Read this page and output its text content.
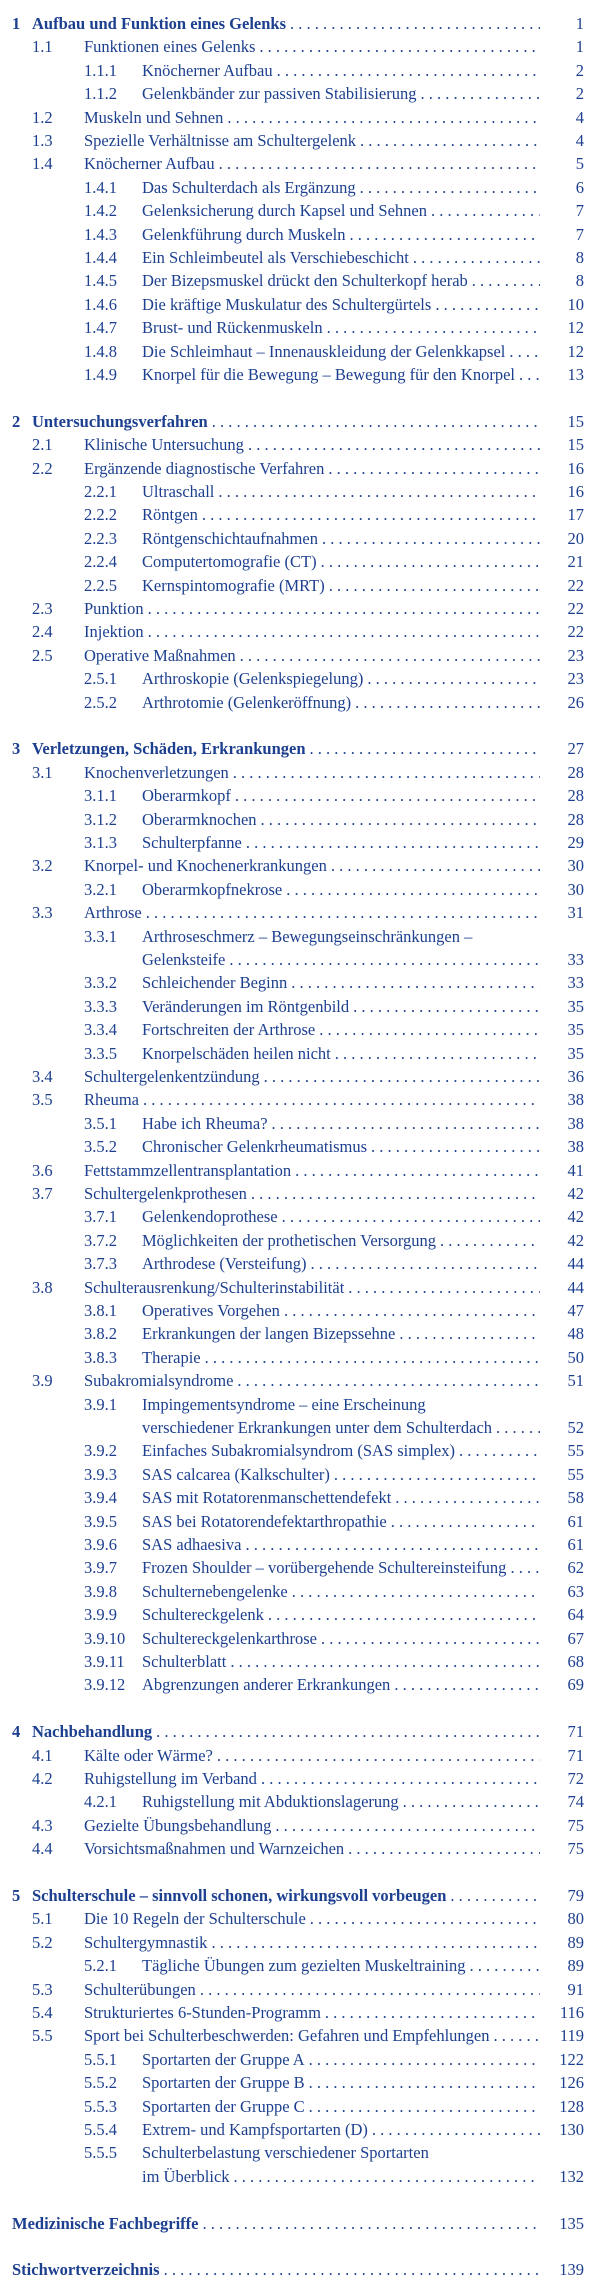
1 Aufbau und Funktion eines Gelenks . . .	1
1.1 Funktionen eines Gelenks . . .	1
1.1.1 Knöcherner Aufbau . . .	2
1.1.2 Gelenkbänder zur passiven Stabilisierung . . .	2
1.2 Muskeln und Sehnen . . .	4
1.3 Spezielle Verhältnisse am Schultergelenk . . .	4
1.4 Knöcherner Aufbau . . .	5
1.4.1 Das Schulterdach als Ergänzung . . .	6
1.4.2 Gelenksicherung durch Kapsel und Sehnen . . .	7
1.4.3 Gelenkführung durch Muskeln . . .	7
1.4.4 Ein Schleimbeutel als Verschiebeschicht . . .	8
1.4.5 Der Bizepsmuskel drückt den Schulterkopf herab . . .	8
1.4.6 Die kräftige Muskulatur des Schultergürtels . . .	10
1.4.7 Brust- und Rückenmuskeln . . .	12
1.4.8 Die Schleimhaut – Innenauskleidung der Gelenkkapsel . . .	12
1.4.9 Knorpel für die Bewegung – Bewegung für den Knorpel . . .	13
2 Untersuchungsverfahren . . .	15
2.1 Klinische Untersuchung . . .	15
2.2 Ergänzende diagnostische Verfahren . . .	16
2.2.1 Ultraschall . . .	16
2.2.2 Röntgen . . .	17
2.2.3 Röntgenschichtaufnahmen . . .	20
2.2.4 Computertomografie (CT) . . .	21
2.2.5 Kernspintomografie (MRT) . . .	22
2.3 Punktion . . .	22
2.4 Injektion . . .	22
2.5 Operative Maßnahmen . . .	23
2.5.1 Arthroskopie (Gelenkspiegelung) . . .	23
2.5.2 Arthrotomie (Gelenkeröffnung) . . .	26
3 Verletzungen, Schäden, Erkrankungen . . .	27
3.1 Knochenverletzungen . . .	28
3.1.1 Oberarmkopf . . .	28
3.1.2 Oberarmknochen . . .	28
3.1.3 Schulterpfanne . . .	29
3.2 Knorpel- und Knochenerkrankungen . . .	30
3.2.1 Oberarmkopfnekrose . . .	30
3.3 Arthrose . . .	31
3.3.1 Arthroseschmerz – Bewegungseinschränkungen –
Gelenksteife . . .	33
3.3.2 Schleichender Beginn . . .	33
3.3.3 Veränderungen im Röntgenbild . . .	35
3.3.4 Fortschreiten der Arthrose . . .	35
3.3.5 Knorpelschäden heilen nicht . . .	35
3.4 Schultergelenkentzündung . . .	36
3.5 Rheuma . . .	38
3.5.1 Habe ich Rheuma? . . .	38
3.5.2 Chronischer Gelenkrheumatismus . . .	38
3.6 Fettstammzellentransplantation . . .	41
3.7 Schultergelenkprothesen . . .	42
3.7.1 Gelenkendoprothese . . .	42
3.7.2 Möglichkeiten der prothetischen Versorgung . . .	42
3.7.3 Arthrodese (Versteifung) . . .	44
3.8 Schulterausrenkung/Schulterinstabilität . . .	44
3.8.1 Operatives Vorgehen . . .	47
3.8.2 Erkrankungen der langen Bizepssehne . . .	48
3.8.3 Therapie . . .	50
3.9 Subakromialsyndrome . . .	51
3.9.1 Impingementsyndrome – eine Erscheinung
verschiedener Erkrankungen unter dem Schulterdach . . .	52
3.9.2 Einfaches Subakromialsyndrom (SAS simplex) . . .	55
3.9.3 SAS calcarea (Kalkschulter) . . .	55
3.9.4 SAS mit Rotatorenmanschettendefekt . . .	58
3.9.5 SAS bei Rotatorendefektarthropathie . . .	61
3.9.6 SAS adhaesiva . . .	61
3.9.7 Frozen Shoulder – vorübergehende Schultereinsteifung . . .	62
3.9.8 Schulternebengelenke . . .	63
3.9.9 Schultereckgelenk . . .	64
3.9.10 Schultereckgelenkarthrose . . .	67
3.9.11 Schulterblatt . . .	68
3.9.12 Abgrenzungen anderer Erkrankungen . . .	69
4 Nachbehandlung . . .	71
4.1 Kälte oder Wärme? . . .	71
4.2 Ruhigstellung im Verband . . .	72
4.2.1 Ruhigstellung mit Abduktionslagerung . . .	74
4.3 Gezielte Übungsbehandlung . . .	75
4.4 Vorsichtsmaßnahmen und Warnzeichen . . .	75
5 Schulterschule – sinnvoll schonen, wirkungsvoll vorbeugen . . .	79
5.1 Die 10 Regeln der Schulterschule . . .	80
5.2 Schultergymnastik . . .	89
5.2.1 Tägliche Übungen zum gezielten Muskeltraining . . .	89
5.3 Schulterübungen . . .	91
5.4 Strukturiertes 6-Stunden-Programm . . .	116
5.5 Sport bei Schulterbeschwerden: Gefahren und Empfehlungen . . .	119
5.5.1 Sportarten der Gruppe A . . .	122
5.5.2 Sportarten der Gruppe B . . .	126
5.5.3 Sportarten der Gruppe C . . .	128
5.5.4 Extrem- und Kampfsportarten (D) . . .	130
5.5.5 Schulterbelastung verschiedener Sportarten
im Überblick . . .	132
Medizinische Fachbegriffe . . .	135
Stichwortverzeichnis . . .	139
